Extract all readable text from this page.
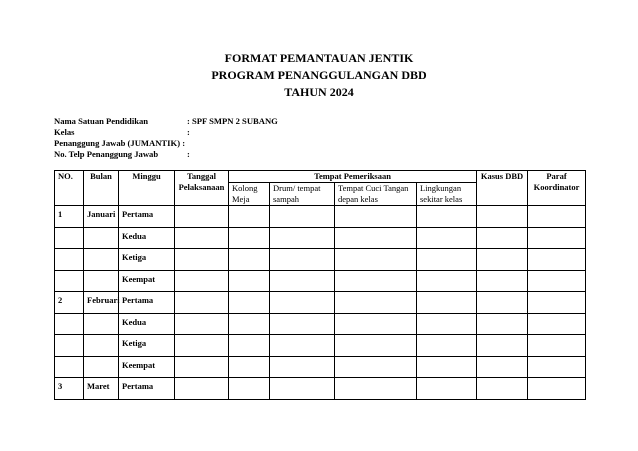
FORMAT PEMANTAUAN JENTIK
PROGRAM PENANGGULANGAN DBD
TAHUN 2024
Nama Satuan Pendidikan	: SPF SMPN 2 SUBANG
Kelas	:
Penanggung Jawab (JUMANTIK) :
No. Telp Penanggung Jawab	:
NO.	Bulan	Minggu	Tanggal Pelaksanaan	Tempat Pemeriksaan				Kasus DBD	Paraf Koordinator
				Kolong Meja	Drum/ tempat sampah	Tempat Cuci Tangan depan kelas	Lingkungan sekitar kelas		
1	Januari	Pertama							
		Kedua							
		Ketiga							
		Keempat							
2	Februari	Pertama							
		Kedua							
		Ketiga							
		Keempat							
3	Maret	Pertama							
